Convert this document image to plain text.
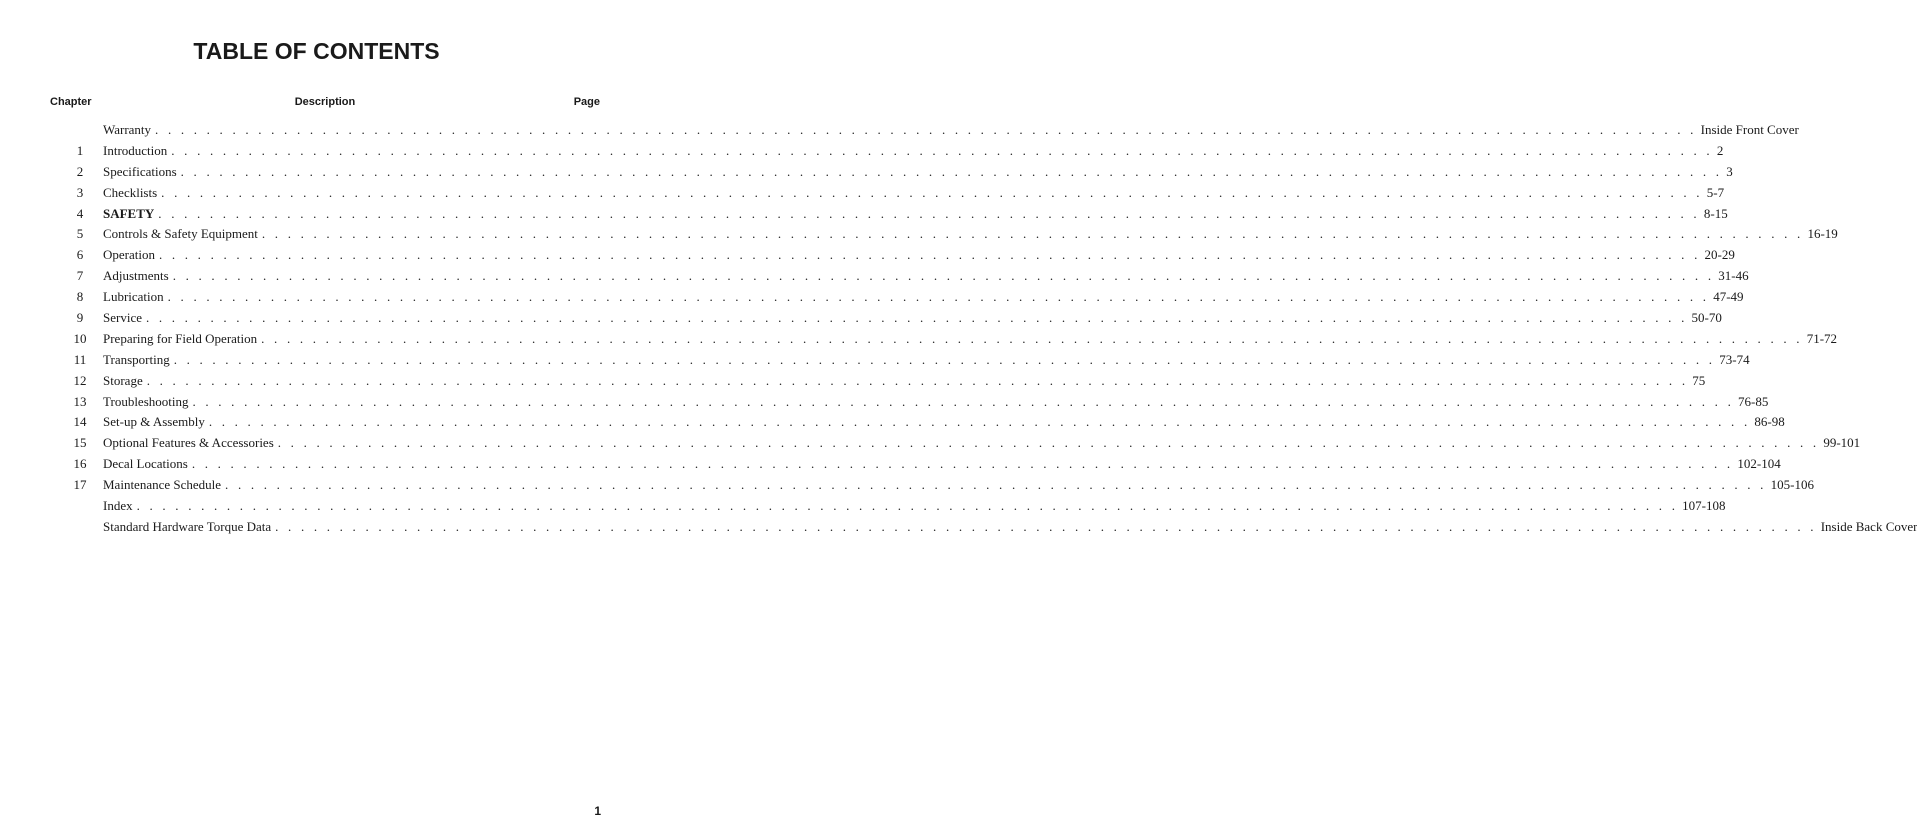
TABLE OF CONTENTS
Chapter	Description	Page
Warranty . . . . . . . . . . . . . . . . . . . . . . . . . . . . . . . . . . . . . . . . . . . . . . . . . . . . . . . . . . . . . . . . . . . . . . . . . . . . . . . . . . . . . . . . . . . . . . . . . . . . . . . . . . . . . . . . . . . . . . . . Inside Front Cover
1	Introduction . . . . . . . . . . . . . . . . . . . . . . . . . . . . . . . . . . . . . . . . . . . . . . . . . . . . . . . . . . . . . . . . . . . . . . . . . . . . . . . . . . . . . . . . . . . . . . . . . . . . . . . . . . . . . . . . . . . . . . . . 2
2	Specifications . . . . . . . . . . . . . . . . . . . . . . . . . . . . . . . . . . . . . . . . . . . . . . . . . . . . . . . . . . . . . . . . . . . . . . . . . . . . . . . . . . . . . . . . . . . . . . . . . . . . . . . . . . . . . . . . . . . . . . . . 3
3	Checklists . . . . . . . . . . . . . . . . . . . . . . . . . . . . . . . . . . . . . . . . . . . . . . . . . . . . . . . . . . . . . . . . . . . . . . . . . . . . . . . . . . . . . . . . . . . . . . . . . . . . . . . . . . . . . . . . . . . . . . . . 5-7
4	SAFETY . . . . . . . . . . . . . . . . . . . . . . . . . . . . . . . . . . . . . . . . . . . . . . . . . . . . . . . . . . . . . . . . . . . . . . . . . . . . . . . . . . . . . . . . . . . . . . . . . . . . . . . . . . . . . . . . . . . . . . . . 8-15
5	Controls & Safety Equipment . . . . . . . . . . . . . . . . . . . . . . . . . . . . . . . . . . . . . . . . . . . . . . . . . . . . . . . . . . . . . . . . . . . . . . . . . . . . . . . . . . . . . . . . . . . . . . . . . . . . . . . . . . . . . . . . . . . . . . . . 16-19
6	Operation . . . . . . . . . . . . . . . . . . . . . . . . . . . . . . . . . . . . . . . . . . . . . . . . . . . . . . . . . . . . . . . . . . . . . . . . . . . . . . . . . . . . . . . . . . . . . . . . . . . . . . . . . . . . . . . . . . . . . . . . 20-29
7	Adjustments . . . . . . . . . . . . . . . . . . . . . . . . . . . . . . . . . . . . . . . . . . . . . . . . . . . . . . . . . . . . . . . . . . . . . . . . . . . . . . . . . . . . . . . . . . . . . . . . . . . . . . . . . . . . . . . . . . . . . . . . 31-46
8	Lubrication . . . . . . . . . . . . . . . . . . . . . . . . . . . . . . . . . . . . . . . . . . . . . . . . . . . . . . . . . . . . . . . . . . . . . . . . . . . . . . . . . . . . . . . . . . . . . . . . . . . . . . . . . . . . . . . . . . . . . . . . 47-49
9	Service . . . . . . . . . . . . . . . . . . . . . . . . . . . . . . . . . . . . . . . . . . . . . . . . . . . . . . . . . . . . . . . . . . . . . . . . . . . . . . . . . . . . . . . . . . . . . . . . . . . . . . . . . . . . . . . . . . . . . . . . 50-70
10	Preparing for Field Operation . . . . . . . . . . . . . . . . . . . . . . . . . . . . . . . . . . . . . . . . . . . . . . . . . . . . . . . . . . . . . . . . . . . . . . . . . . . . . . . . . . . . . . . . . . . . . . . . . . . . . . . . . . . . . . . . . . . . . . . . 71-72
11	Transporting . . . . . . . . . . . . . . . . . . . . . . . . . . . . . . . . . . . . . . . . . . . . . . . . . . . . . . . . . . . . . . . . . . . . . . . . . . . . . . . . . . . . . . . . . . . . . . . . . . . . . . . . . . . . . . . . . . . . . . . . 73-74
12	Storage . . . . . . . . . . . . . . . . . . . . . . . . . . . . . . . . . . . . . . . . . . . . . . . . . . . . . . . . . . . . . . . . . . . . . . . . . . . . . . . . . . . . . . . . . . . . . . . . . . . . . . . . . . . . . . . . . . . . . . . . 75
13	Troubleshooting . . . . . . . . . . . . . . . . . . . . . . . . . . . . . . . . . . . . . . . . . . . . . . . . . . . . . . . . . . . . . . . . . . . . . . . . . . . . . . . . . . . . . . . . . . . . . . . . . . . . . . . . . . . . . . . . . . . . . . . . 76-85
14	Set-up & Assembly . . . . . . . . . . . . . . . . . . . . . . . . . . . . . . . . . . . . . . . . . . . . . . . . . . . . . . . . . . . . . . . . . . . . . . . . . . . . . . . . . . . . . . . . . . . . . . . . . . . . . . . . . . . . . . . . . . . . . . . . 86-98
15	Optional Features & Accessories . . . . . . . . . . . . . . . . . . . . . . . . . . . . . . . . . . . . . . . . . . . . . . . . . . . . . . . . . . . . . . . . . . . . . . . . . . . . . . . . . . . . . . . . . . . . . . . . . . . . . . . . . . . . . . . . . . . . . . . . 99-101
16	Decal Locations . . . . . . . . . . . . . . . . . . . . . . . . . . . . . . . . . . . . . . . . . . . . . . . . . . . . . . . . . . . . . . . . . . . . . . . . . . . . . . . . . . . . . . . . . . . . . . . . . . . . . . . . . . . . . . . . . . . . . . . . 102-104
17	Maintenance Schedule . . . . . . . . . . . . . . . . . . . . . . . . . . . . . . . . . . . . . . . . . . . . . . . . . . . . . . . . . . . . . . . . . . . . . . . . . . . . . . . . . . . . . . . . . . . . . . . . . . . . . . . . . . . . . . . . . . . . . . . . 105-106
Index . . . . . . . . . . . . . . . . . . . . . . . . . . . . . . . . . . . . . . . . . . . . . . . . . . . . . . . . . . . . . . . . . . . . . . . . . . . . . . . . . . . . . . . . . . . . . . . . . . . . . . . . . . . . . . . . . . . . . . . . 107-108
Standard Hardware Torque Data . . . . . . . . . . . . . . . . . . . . . . . . . . . . . . . . . . . . . . . . . . . . . . . . . . . . . . . . . . . . . . . . . . . . . . . . . . . . . . . . . . . . . . . . . . . . . . . . . . . . . . . . . . . . . . . . . . . . . . . . Inside Back Cover
1
